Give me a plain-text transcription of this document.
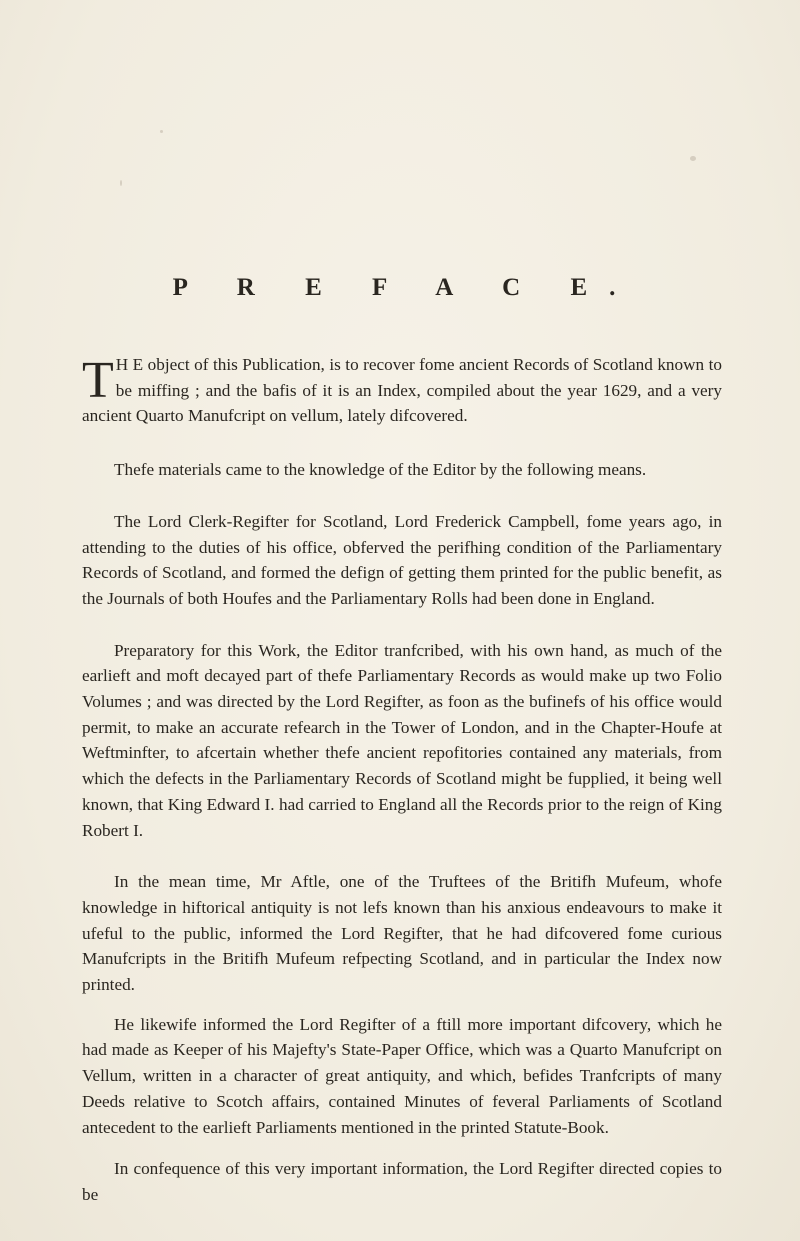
P R E F A C E.

T H E object of this Publication, is to recover fome ancient Records of Scotland known to be miffing ; and the bafis of it is an Index, compiled about the year 1629, and a very ancient Quarto Manufcript on vellum, lately difcovered.

Thefe materials came to the knowledge of the Editor by the following means.

The Lord Clerk-Regifter for Scotland, Lord Frederick Campbell, fome years ago, in attending to the duties of his office, obferved the perifhing condition of the Parliamentary Records of Scotland, and formed the defign of getting them printed for the public benefit, as the Journals of both Houfes and the Parliamentary Rolls had been done in England.

Preparatory for this Work, the Editor tranfcribed, with his own hand, as much of the earlieft and moft decayed part of thefe Parliamentary Records as would make up two Folio Volumes ; and was directed by the Lord Regifter, as foon as the bufinefs of his office would permit, to make an accurate refearch in the Tower of London, and in the Chapter-Houfe at Weftminfter, to afcertain whether thefe ancient repofitories contained any materials, from which the defects in the Parliamentary Records of Scotland might be fupplied, it being well known, that King Edward I. had carried to England all the Records prior to the reign of King Robert I.

In the mean time, Mr Aftle, one of the Truftees of the Britifh Mufeum, whofe knowledge in hiftorical antiquity is not lefs known than his anxious endeavours to make it ufeful to the public, informed the Lord Regifter, that he had difcovered fome curious Manufcripts in the Britifh Mufeum refpecting Scotland, and in particular the Index now printed.

He likewife informed the Lord Regifter of a ftill more important difcovery, which he had made as Keeper of his Majefty's State-Paper Office, which was a Quarto Manufcript on Vellum, written in a character of great antiquity, and which, befides Tranfcripts of many Deeds relative to Scotch affairs, contained Minutes of feveral Parliaments of Scotland antecedent to the earlieft Parliaments mentioned in the printed Statute-Book.

In confequence of this very important information, the Lord Regifter directed copies to be
